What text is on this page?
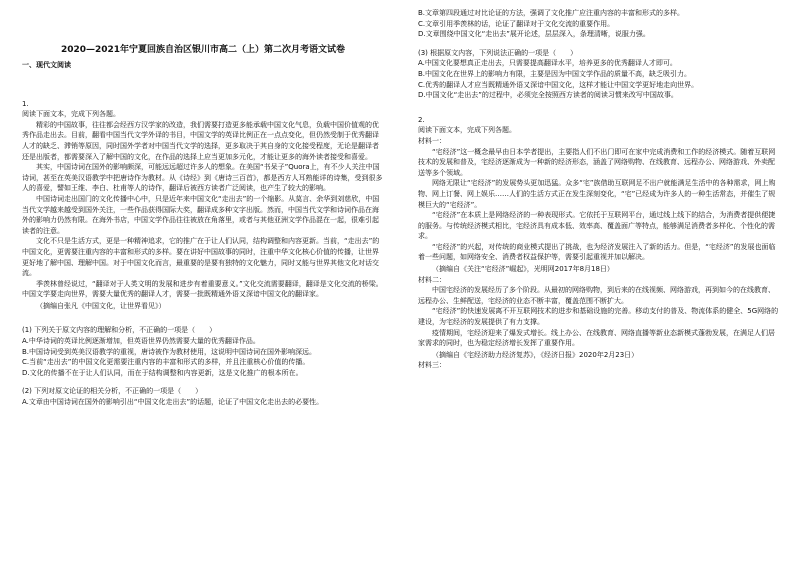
2020—2021年宁夏回族自治区银川市高二（上）第二次月考语文试卷
一、现代文阅读

1.

阅读下面文本，完成下列各题。

精彩的中国故事，往往都会经西方汉学家的改造，我们需要打造更多能承载中国文化气息，负载中国价值观的优秀作品走出去。目前，翻看中国当代文学外译的书目，中国文学的英译比例正在一点点变化，但仍然受制于优秀翻译人才的缺乏、滞销等原因，同时国外学者对中国当代文学的选择，更多取决于其自身的文化接受程度，无论是翻译者还是出版者，都需要深入了解中国的文化，在作品的选择上应当更加多元化，才能让更多的海外读者接受和喜爱。

其实，中国诗词在国外的影响颇深，可能远远超过许多人的想象。在美国“书呆子”Quora上，有不少人关注中国诗词，甚至在英美汉语教学中把唐诗作为教材。从《诗经》到《唐诗三百首》，都是西方人耳熟能详的诗集，受到很多人的喜爱，譬如王维、李白、杜甫等人的诗作，翻译后被西方读者广泛阅读，也产生了较大的影响。

中国诗词走出国门的文化传播中心中，只是近年来中国文化“走出去”的一个缩影。从莫言、余华到刘慈欣，中国当代文学越来越受到国外关注，一些作品获得国际大奖，翻译成多种文字出版。然而，中国当代文学和诗词作品在海外的影响力仍然有限。在海外书店，中国文学作品往往被放在角落里，或者与其他亚洲文学作品混在一起，很难引起读者的注意。

文化不只是生活方式，更是一种精神追求，它的推广在于让人们认同，结构调整和内容更新。当前，“走出去”的中国文化，更需要注重内容的丰富和形式的多样。要在讲好中国故事的同时，注重中华文化核心价值的传播，让世界更好地了解中国、理解中国。对于中国文化而言，最重要的是要有独特的文化魅力，同时又能与世界其他文化对话交流。

季羡林曾经说过，“翻译对于人类文明的发展和进步有着重要意义。”文化交流需要翻译，翻译是文化交流的桥梁。中国文学要走向世界，需要大量优秀的翻译人才，需要一批既精通外语又深谙中国文化的翻译家。

（摘编自张凡《中国文化，让世界看见》）

(1) 下列关于原文内容的理解和分析，不正确的一项是（　　）

A.中华诗词的英译比例逐渐增加，但英语世界仍然需要大量的优秀翻译作品。

B.中国诗词受到英美汉语教学的重视，唐诗被作为教材使用，这说明中国诗词在国外影响深远。

C.当前“走出去”的中国文化更需要注重内容的丰富和形式的多样，并且注重核心价值的传播。

D.文化的传播不在于让人们认同，而在于结构调整和内容更新，这是文化推广的根本所在。

(2) 下列对原文论证的相关分析，不正确的一项是（　　）

A.文章由中国诗词在国外的影响引出“中国文化走出去”的话题，论证了中国文化走出去的必要性。

B.文章第四段通过对比论证的方法，强调了文化推广应注重内容的丰富和形式的多样。

C.文章引用季羡林的话，论证了翻译对于文化交流的重要作用。

D.文章围绕中国文化“走出去”展开论述，层层深入，条理清晰，说服力强。

(3) 根据原文内容，下列说法正确的一项是（　　）

A.中国文化要想真正走出去，只需要提高翻译水平，培养更多的优秀翻译人才即可。

B.中国文化在世界上的影响力有限，主要是因为中国文学作品的质量不高，缺乏吸引力。

C.优秀的翻译人才应当既精通外语又深谙中国文化，这样才能让中国文学更好地走向世界。

D.中国文化“走出去”的过程中，必须完全按照西方读者的阅读习惯来改写中国故事。

2.

阅读下面文本，完成下列各题。

材料一：

“宅经济”这一概念最早由日本学者提出，主要指人们不出门即可在家中完成消费和工作的经济模式。随着互联网技术的发展和普及，宅经济逐渐成为一种新的经济形态，涵盖了网络购物、在线教育、远程办公、网络游戏、外卖配送等多个领域。

网络无限让“宅经济”的发展势头更加迅猛。众多“宅”族借助互联网足不出户就能满足生活中的各种需求，网上购物、网上订餐、网上娱乐……人们的生活方式正在发生深刻变化，“宅”已经成为许多人的一种生活常态，并催生了规模巨大的“宅经济”。

“宅经济”在本质上是网络经济的一种表现形式。它依托于互联网平台，通过线上线下的结合，为消费者提供便捷的服务。与传统经济模式相比，宅经济具有成本低、效率高、覆盖面广等特点，能够满足消费者多样化、个性化的需求。

“宅经济”的兴起，对传统的商业模式提出了挑战，也为经济发展注入了新的活力。但是，“宅经济”的发展也面临着一些问题，如网络安全、消费者权益保护等，需要引起重视并加以解决。

（摘编自《关注“宅经济”崛起》，光明网2017年8月18日）

材料二：

中国宅经济的发展经历了多个阶段。从最初的网络购物，到后来的在线视频、网络游戏，再到如今的在线教育、远程办公、生鲜配送，宅经济的业态不断丰富，覆盖范围不断扩大。

“宅经济”的快速发展离不开互联网技术的进步和基础设施的完善。移动支付的普及、物流体系的健全、5G网络的建设，为宅经济的发展提供了有力支撑。

疫情期间，宅经济迎来了爆发式增长。线上办公、在线教育、网络直播等新业态新模式蓬勃发展，在满足人们居家需求的同时，也为稳定经济增长发挥了重要作用。

（摘编自《宅经济助力经济复苏》，《经济日报》2020年2月23日）

材料三：
